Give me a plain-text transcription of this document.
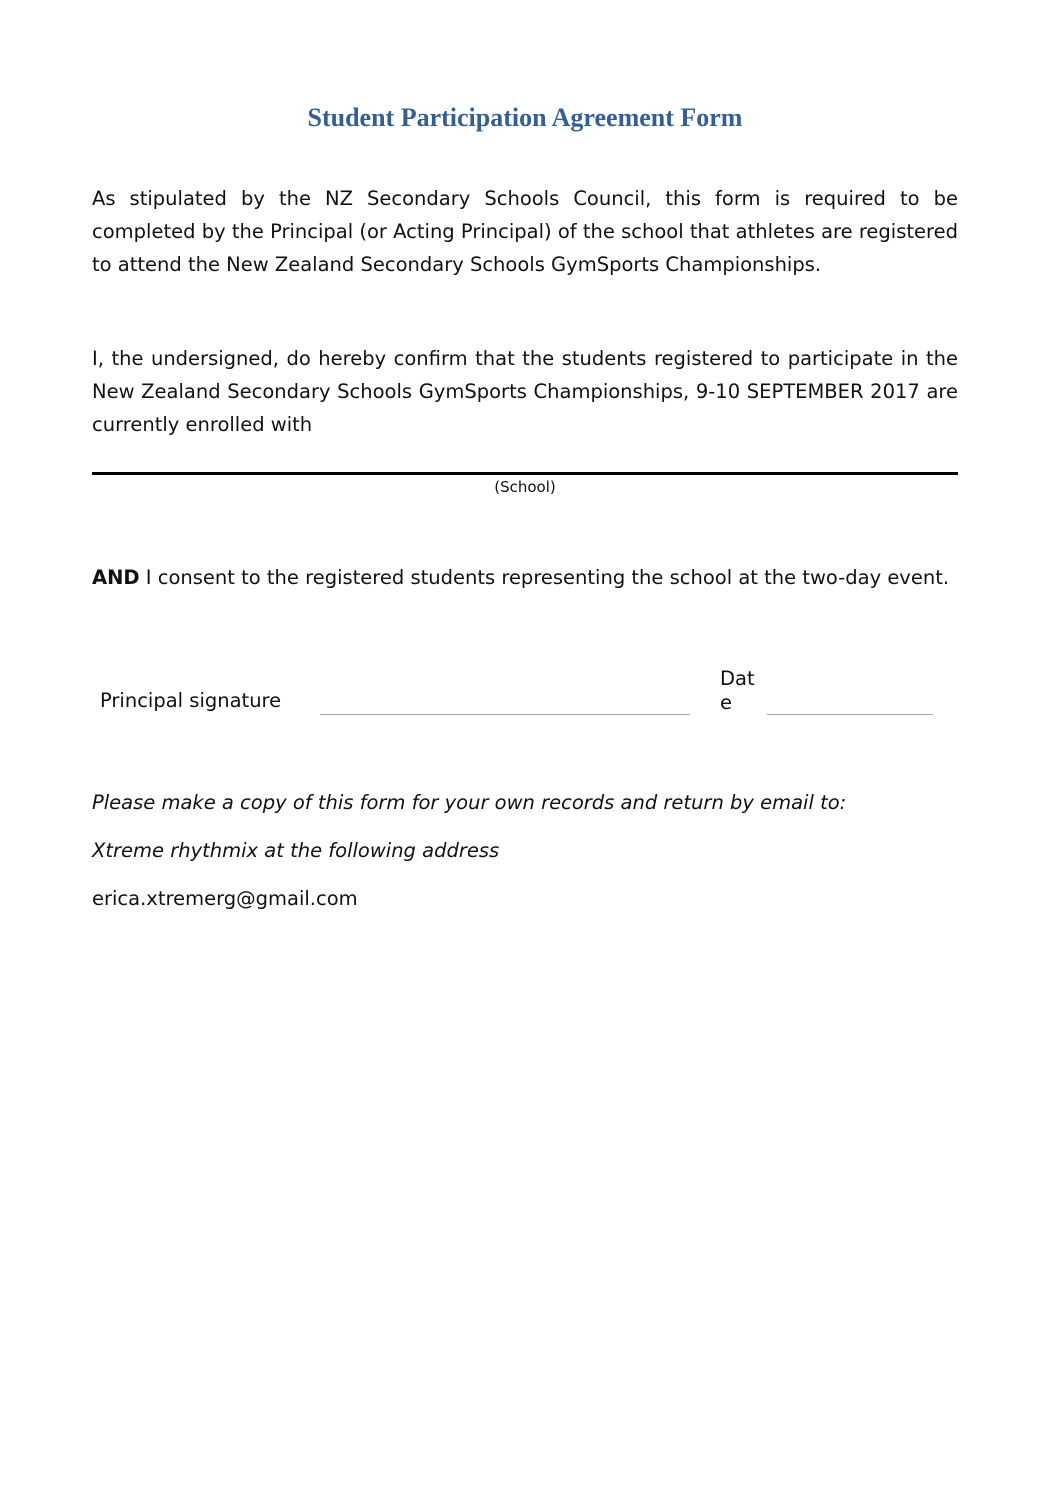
Student Participation Agreement Form

As stipulated by the NZ Secondary Schools Council, this form is required to be completed by the Principal (or Acting Principal) of the school that athletes are registered to attend the New Zealand Secondary Schools GymSports Championships.

I, the undersigned, do hereby confirm that the students registered to participate in the New Zealand Secondary Schools GymSports Championships, 9-10 SEPTEMBER 2017 are currently enrolled with

(School)

AND I consent to the registered students representing the school at the two-day event.

Principal signature
Date

Please make a copy of this form for your own records and return by email to:

Xtreme rhythmix at the following address

erica.xtremerg@gmail.com
